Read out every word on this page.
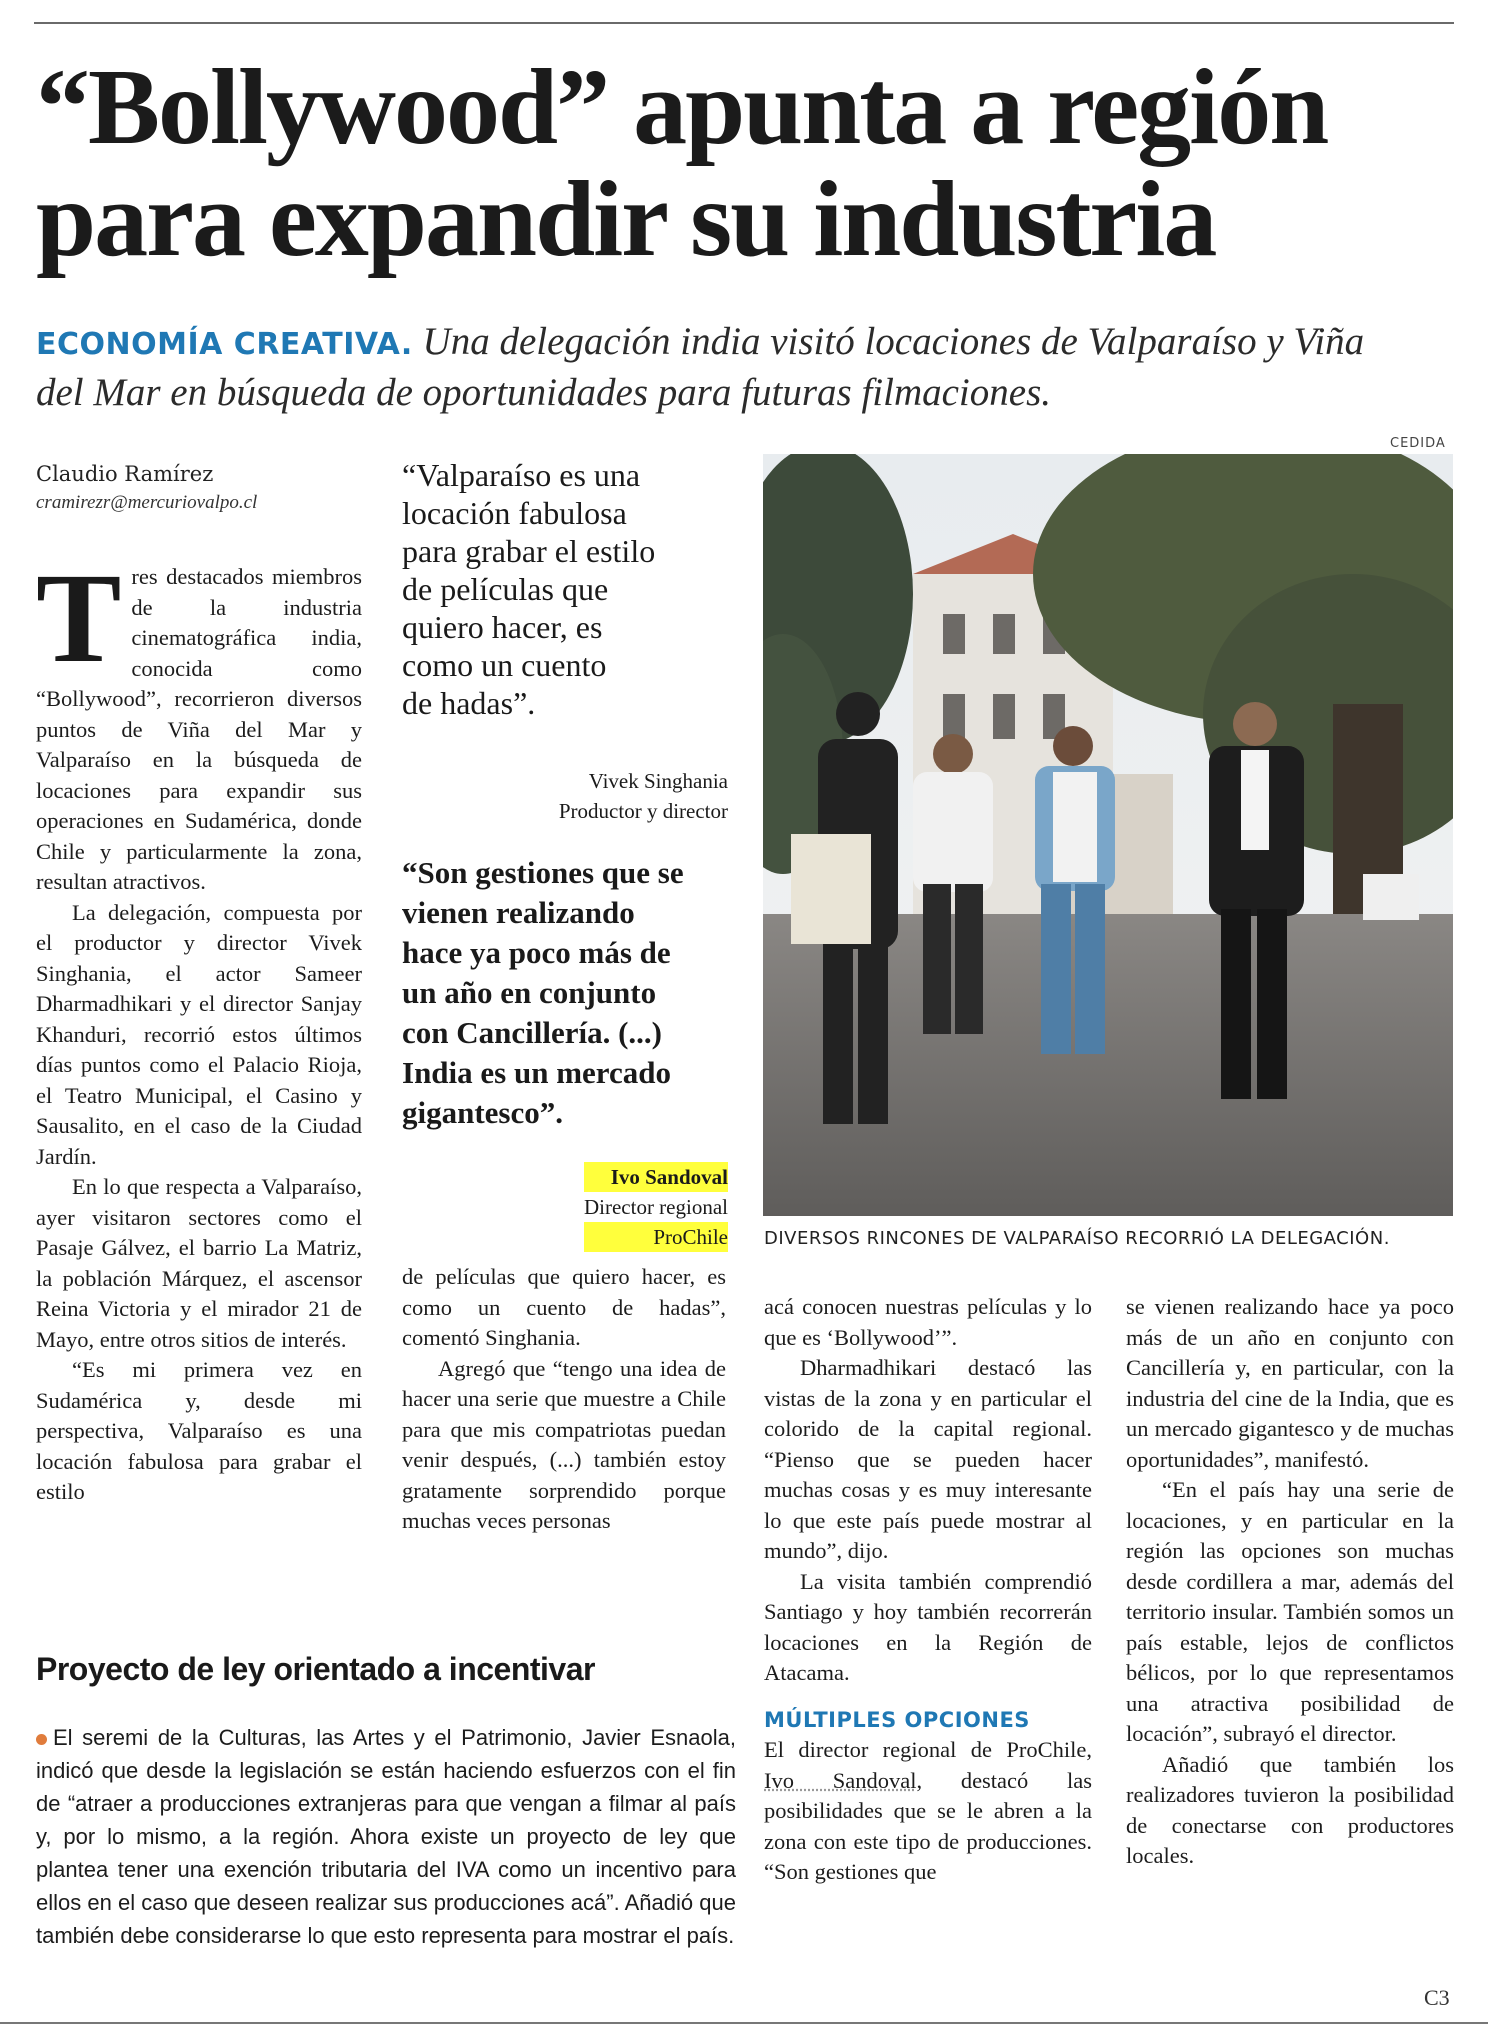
“Bollywood” apunta a región
para expandir su industria
ECONOMÍA CREATIVA. Una delegación india visitó locaciones de Valparaíso y Viña
del Mar en búsqueda de oportunidades para futuras filmaciones.
Claudio Ramírez
cramirezr@mercuriovalpo.cl

Tres destacados miembros de la industria cinematográfica india, conocida como “Bollywood”, recorrieron diversos puntos de Viña del Mar y Valparaíso en la búsqueda de locaciones para expandir sus operaciones en Sudamérica, donde Chile y particularmente la zona, resultan atractivos.

La delegación, compuesta por el productor y director Vivek Singhania, el actor Sameer Dharmadhikari y el director Sanjay Khanduri, recorrió estos últimos días puntos como el Palacio Rioja, el Teatro Municipal, el Casino y Sausalito, en el caso de la Ciudad Jardín.

En lo que respecta a Valparaíso, ayer visitaron sectores como el Pasaje Gálvez, el barrio La Matriz, la población Márquez, el ascensor Reina Victoria y el mirador 21 de Mayo, entre otros sitios de interés.

“Es mi primera vez en Sudamérica y, desde mi perspectiva, Valparaíso es una locación fabulosa para grabar el estilo

“Valparaíso es una
locación fabulosa
para grabar el estilo
de películas que
quiero hacer, es
como un cuento
de hadas”.
Vivek Singhania
Productor y director
“Son gestiones que se
vienen realizando
hace ya poco más de
un año en conjunto
con Cancillería. (...)
India es un mercado
gigantesco”.
Ivo Sandoval
Director regional
ProChile
CEDIDA
DIVERSOS RINCONES DE VALPARAÍSO RECORRIÓ LA DELEGACIÓN.

de películas que quiero hacer, es como un cuento de hadas”, comentó Singhania.

Agregó que “tengo una idea de hacer una serie que muestre a Chile para que mis compatriotas puedan venir después, (...) también estoy gratamente sorprendido porque muchas veces personas

acá conocen nuestras películas y lo que es ‘Bollywood’”.

Dharmadhikari destacó las vistas de la zona y en particular el colorido de la capital regional. “Pienso que se pueden hacer muchas cosas y es muy interesante lo que este país puede mostrar al mundo”, dijo.

La visita también comprendió Santiago y hoy también recorrerán locaciones en la Región de Atacama.

MÚLTIPLES OPCIONES

El director regional de ProChile, Ivo Sandoval, destacó las posibilidades que se le abren a la zona con este tipo de producciones. “Son gestiones que

se vienen realizando hace ya poco más de un año en conjunto con Cancillería y, en particular, con la industria del cine de la India, que es un mercado gigantesco y de muchas oportunidades”, manifestó.

“En el país hay una serie de locaciones, y en particular en la región las opciones son muchas desde cordillera a mar, además del territorio insular. También somos un país estable, lejos de conflictos bélicos, por lo que representamos una atractiva posibilidad de locación”, subrayó el director.

Añadió que también los realizadores tuvieron la posibilidad de conectarse con productores locales.

C3
Proyecto de ley orientado a incentivar
El seremi de la Culturas, las Artes y el Patrimonio, Javier Esnaola, indicó que desde la legislación se están haciendo esfuerzos con el fin de “atraer a producciones extranjeras para que vengan a filmar al país y, por lo mismo, a la región. Ahora existe un proyecto de ley que plantea tener una exención tributaria del IVA como un incentivo para ellos en el caso que deseen realizar sus producciones acá”. Añadió que también debe considerarse lo que esto representa para mostrar el país.
